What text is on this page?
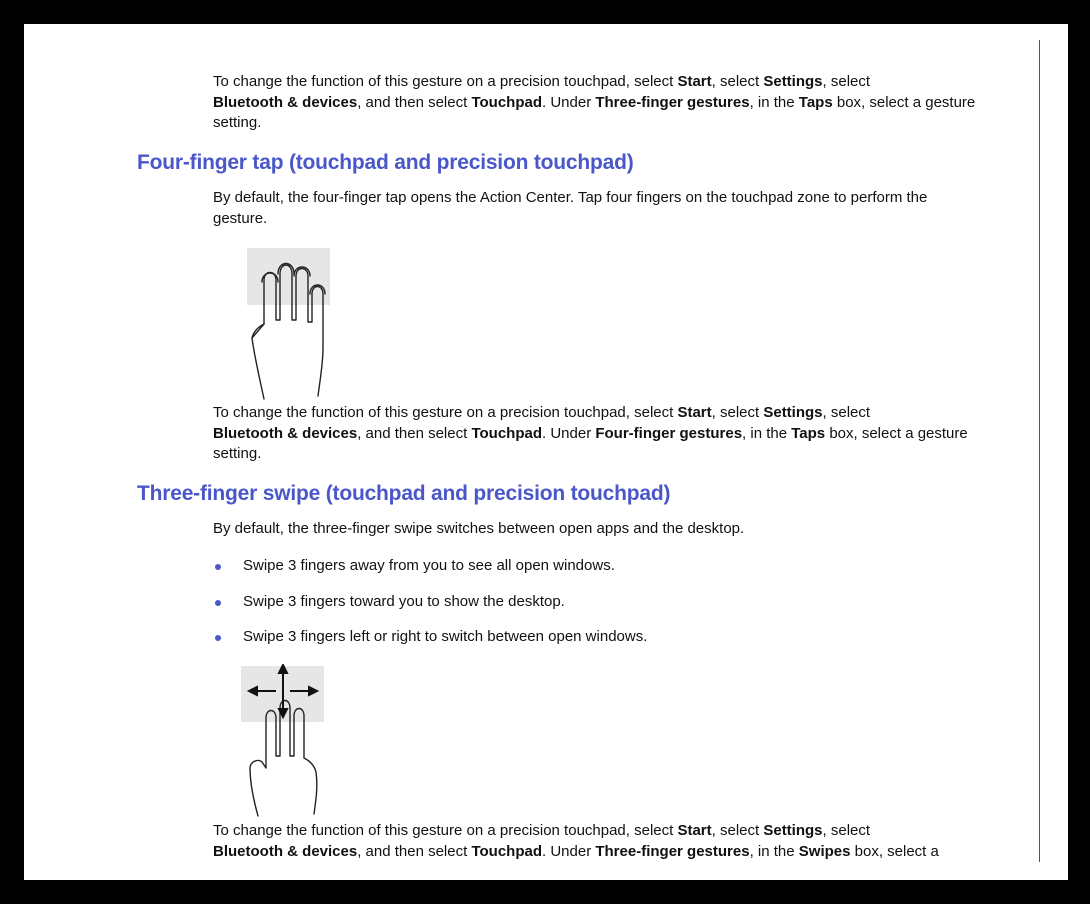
To change the function of this gesture on a precision touchpad, select Start, select Settings, select
Bluetooth & devices, and then select Touchpad. Under Three-finger gestures, in the Taps box, select a gesture setting.
Four-finger tap (touchpad and precision touchpad)
By default, the four-finger tap opens the Action Center. Tap four fingers on the touchpad zone to perform the gesture.
To change the function of this gesture on a precision touchpad, select Start, select Settings, select
Bluetooth & devices, and then select Touchpad. Under Four-finger gestures, in the Taps box, select a gesture setting.
Three-finger swipe (touchpad and precision touchpad)
By default, the three-finger swipe switches between open apps and the desktop.
Swipe 3 fingers away from you to see all open windows.
Swipe 3 fingers toward you to show the desktop.
Swipe 3 fingers left or right to switch between open windows.
To change the function of this gesture on a precision touchpad, select Start, select Settings, select
Bluetooth & devices, and then select Touchpad. Under Three-finger gestures, in the Swipes box, select a
